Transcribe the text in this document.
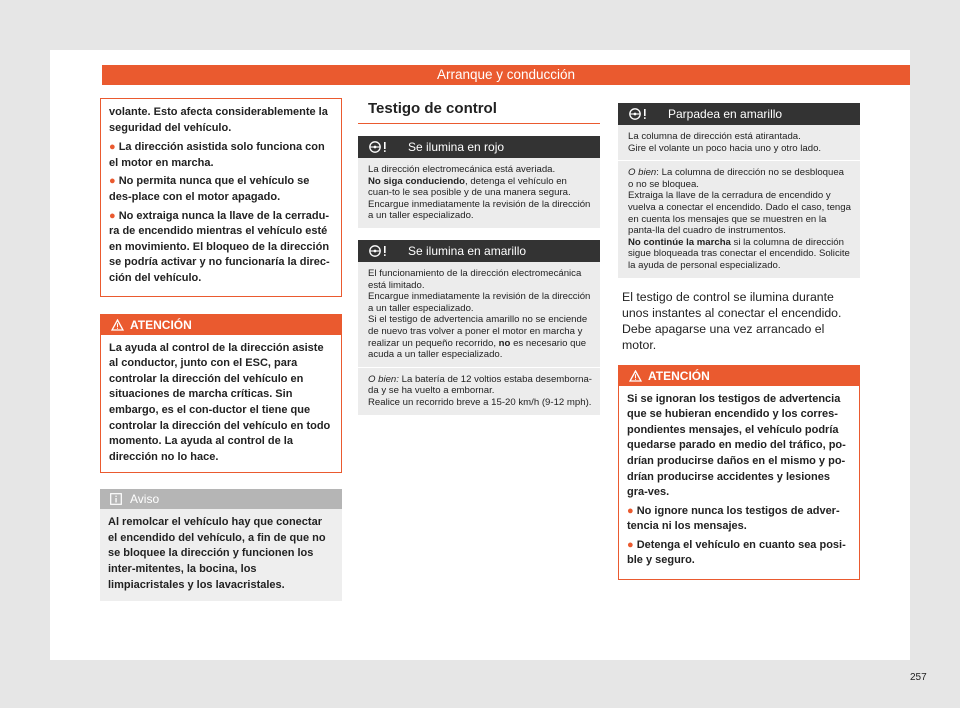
Arranque y conducción
volante. Esto afecta considerablemente la seguridad del vehículo.
● La dirección asistida solo funciona con el motor en marcha.
● No permita nunca que el vehículo se des-place con el motor apagado.
● No extraiga nunca la llave de la cerradu-ra de encendido mientras el vehículo esté en movimiento. El bloqueo de la dirección se podría activar y no funcionaría la direc-ción del vehículo.
ATENCIÓN
La ayuda al control de la dirección asiste al conductor, junto con el ESC, para controlar la dirección del vehículo en situaciones de marcha críticas. Sin embargo, es el con-ductor el tiene que controlar la dirección del vehículo en todo momento. La ayuda al control de la dirección no lo hace.
Aviso
Al remolcar el vehículo hay que conectar el encendido del vehículo, a fin de que no se bloquee la dirección y funcionen los inter-mitentes, la bocina, los limpiacristales y los lavacristales.
Testigo de control
Se ilumina en rojo
La dirección electromecánica está averiada.
No siga conduciendo, detenga el vehículo en cuan-to le sea posible y de una manera segura.
Encargue inmediatamente la revisión de la dirección a un taller especializado.
Se ilumina en amarillo
El funcionamiento de la dirección electromecánica está limitado.
Encargue inmediatamente la revisión de la dirección a un taller especializado.
Si el testigo de advertencia amarillo no se enciende de nuevo tras volver a poner el motor en marcha y realizar un pequeño recorrido, no es necesario que acuda a un taller especializado.
O bien: La batería de 12 voltios estaba desemborna-da y se ha vuelto a embornar.
Realice un recorrido breve a 15-20 km/h (9-12 mph).
Parpadea en amarillo
La columna de dirección está atirantada.
Gire el volante un poco hacia uno y otro lado.
O bien: La columna de dirección no se desbloquea o no se bloquea.
Extraiga la llave de la cerradura de encendido y vuelva a conectar el encendido. Dado el caso, tenga en cuenta los mensajes que se muestren en la panta-lla del cuadro de instrumentos.
No continúe la marcha si la columna de dirección sigue bloqueada tras conectar el encendido. Solicite la ayuda de personal especializado.
El testigo de control se ilumina durante unos instantes al conectar el encendido. Debe apagarse una vez arrancado el motor.
ATENCIÓN
Si se ignoran los testigos de advertencia que se hubieran encendido y los corres-pondientes mensajes, el vehículo podría quedarse parado en medio del tráfico, po-drían producirse daños en el mismo y po-drían producirse accidentes y lesiones gra-ves.
● No ignore nunca los testigos de adver-tencia ni los mensajes.
● Detenga el vehículo en cuanto sea posi-ble y seguro.
257
